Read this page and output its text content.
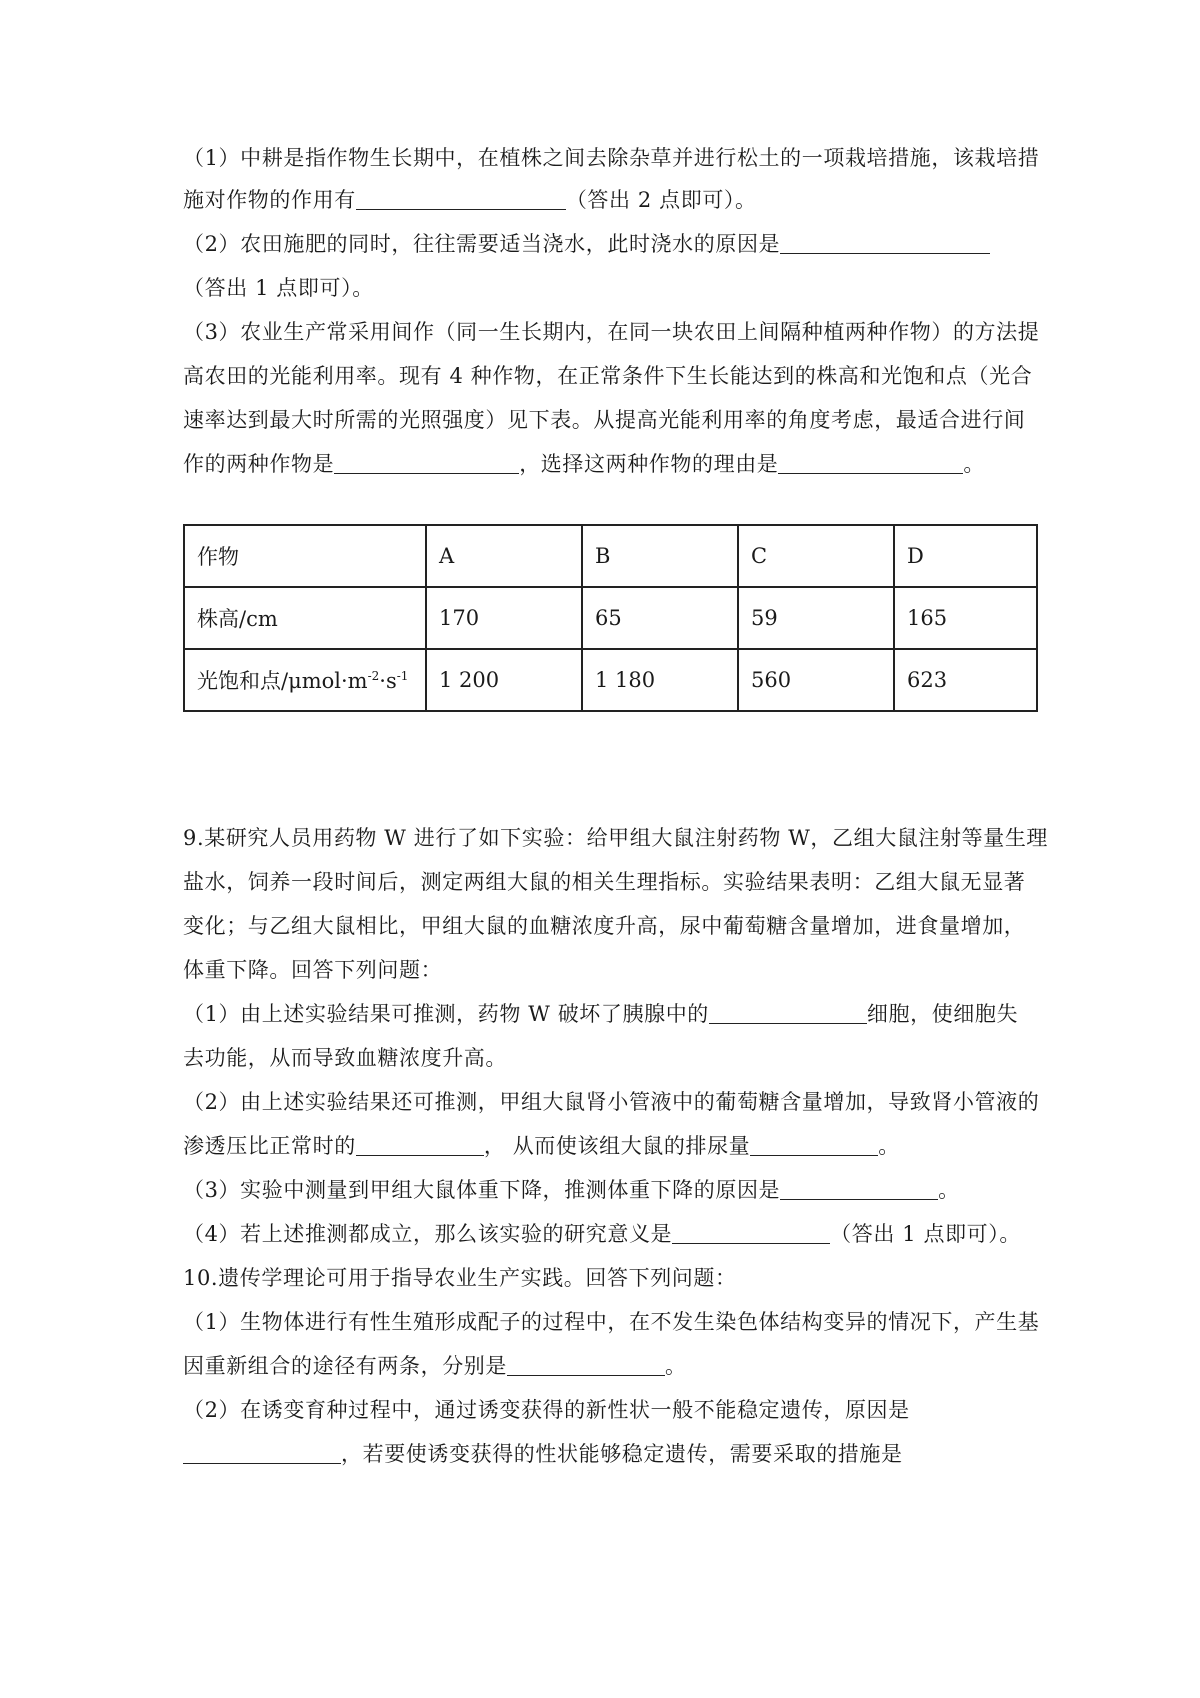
（1）中耕是指作物生长期中，在植株之间去除杂草并进行松土的一项栽培措施，该栽培措

施对作物的作用有	（答出 2 点即可）。

（2）农田施肥的同时，往往需要适当浇水，此时浇水的原因是

（答出 1 点即可）。

（3）农业生产常采用间作（同一生长期内，在同一块农田上间隔种植两种作物）的方法提

高农田的光能利用率。现有 4 种作物，在正常条件下生长能达到的株高和光饱和点（光合

速率达到最大时所需的光照强度）见下表。从提高光能利用率的角度考虑，最适合进行间

作的两种作物是	，选择这两种作物的理由是	。

作物	A	B	C	D
株高/cm	170	65	59	165
光饱和点$/\mu mol\cdot m^{-2}\cdot s^{-1}$	1 200	1 180	560	623

9.某研究人员用药物 W 进行了如下实验：给甲组大鼠注射药物 W，乙组大鼠注射等量生理

盐水，饲养一段时间后，测定两组大鼠的相关生理指标。实验结果表明：乙组大鼠无显著

变化；与乙组大鼠相比，甲组大鼠的血糖浓度升高，尿中葡萄糖含量增加，进食量增加，

体重下降。回答下列问题：

（1）由上述实验结果可推测，药物 W 破坏了胰腺中的	细胞，使细胞失

去功能，从而导致血糖浓度升高。

（2）由上述实验结果还可推测，甲组大鼠肾小管液中的葡萄糖含量增加，导致肾小管液的

渗透压比正常时的	， 从而使该组大鼠的排尿量	。

（3）实验中测量到甲组大鼠体重下降，推测体重下降的原因是	。

（4）若上述推测都成立，那么该实验的研究意义是	（答出 1 点即可）。

10.遗传学理论可用于指导农业生产实践。回答下列问题：

（1）生物体进行有性生殖形成配子的过程中，在不发生染色体结构变异的情况下，产生基

因重新组合的途径有两条，分别是	。

（2）在诱变育种过程中，通过诱变获得的新性状一般不能稳定遗传，原因是

，若要使诱变获得的性状能够稳定遗传，需要采取的措施是
